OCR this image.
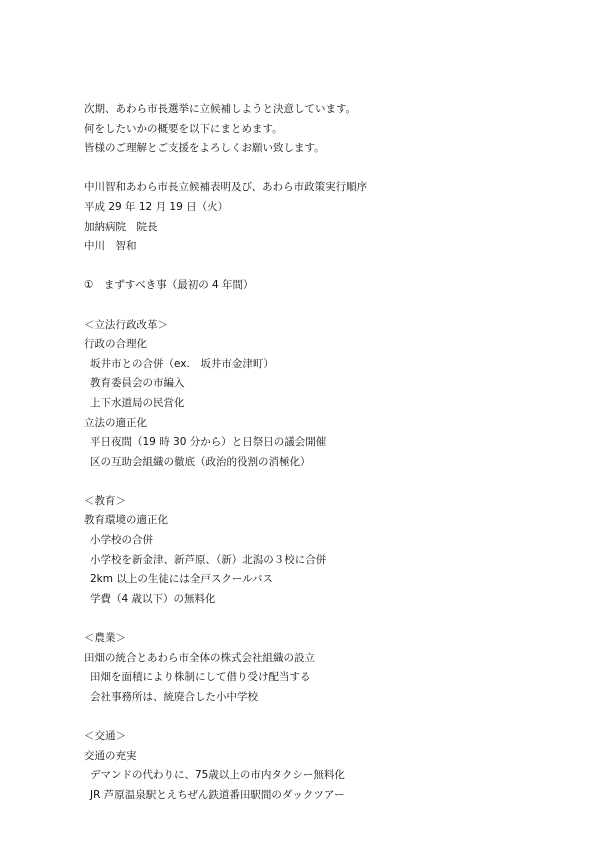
次期、あわら市長選挙に立候補しようと決意しています。
何をしたいかの概要を以下にまとめます。
皆様のご理解とご支援をよろしくお願い致します。
中川智和あわら市長立候補表明及び、あわら市政策実行順序
平成 29 年 12 月 19 日（火）
加納病院　院長
中川　智和
①　まずすべき事（最初の 4 年間）
＜立法行政改革＞
行政の合理化
坂井市との合併（ex.　坂井市金津町）
教育委員会の市編入
上下水道局の民営化
立法の適正化
平日夜間（19 時 30 分から）と日祭日の議会開催
区の互助会組織の徹底（政治的役割の消極化）
＜教育＞
教育環境の適正化
小学校の合併
小学校を新金津、新芦原、（新）北潟の３校に合併
2km 以上の生徒には全戸スクールバス
学費（4 歳以下）の無料化
＜農業＞
田畑の統合とあわら市全体の株式会社組織の設立
田畑を面積により株制にして借り受け配当する
会社事務所は、統廃合した小中学校
＜交通＞
交通の充実
デマンドの代わりに、75歳以上の市内タクシー無料化
JR 芦原温泉駅とえちぜん鉄道番田駅間のダックツアー
